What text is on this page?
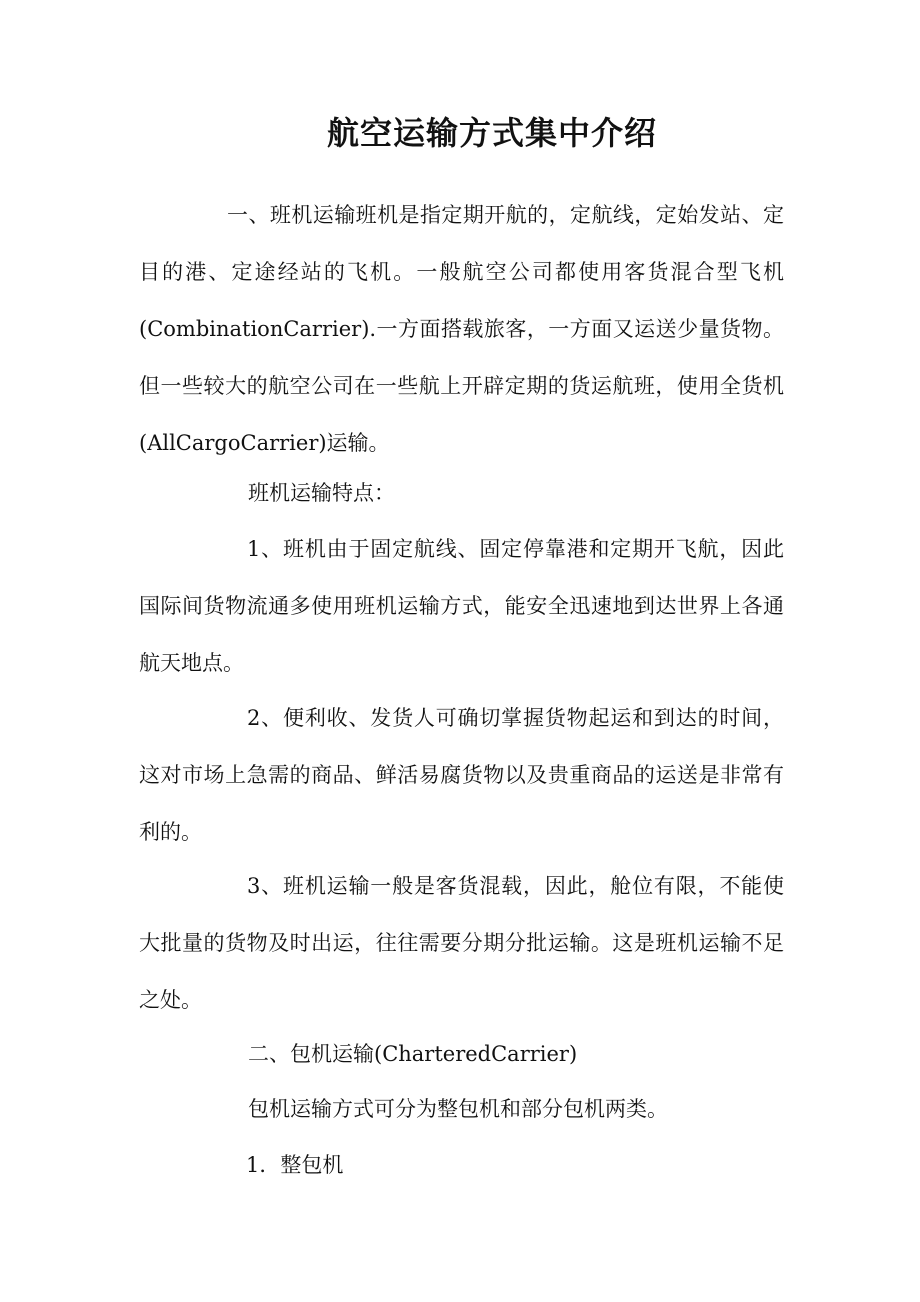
航空运输方式集中介绍

一、班机运输班机是指定期开航的，定航线，定始发站、定目的港、定途经站的飞机。一般航空公司都使用客货混合型飞机(CombinationCarrier).一方面搭载旅客，一方面又运送少量货物。但一些较大的航空公司在一些航上开辟定期的货运航班，使用全货机(AllCargoCarrier)运输。

班机运输特点：

1、班机由于固定航线、固定停靠港和定期开飞航，因此国际间货物流通多使用班机运输方式，能安全迅速地到达世界上各通航天地点。

2、便利收、发货人可确切掌握货物起运和到达的时间，这对市场上急需的商品、鲜活易腐货物以及贵重商品的运送是非常有利的。

3、班机运输一般是客货混载，因此，舱位有限，不能使大批量的货物及时出运，往往需要分期分批运输。这是班机运输不足之处。

二、包机运输(CharteredCarrier)

包机运输方式可分为整包机和部分包机两类。

1．整包机
